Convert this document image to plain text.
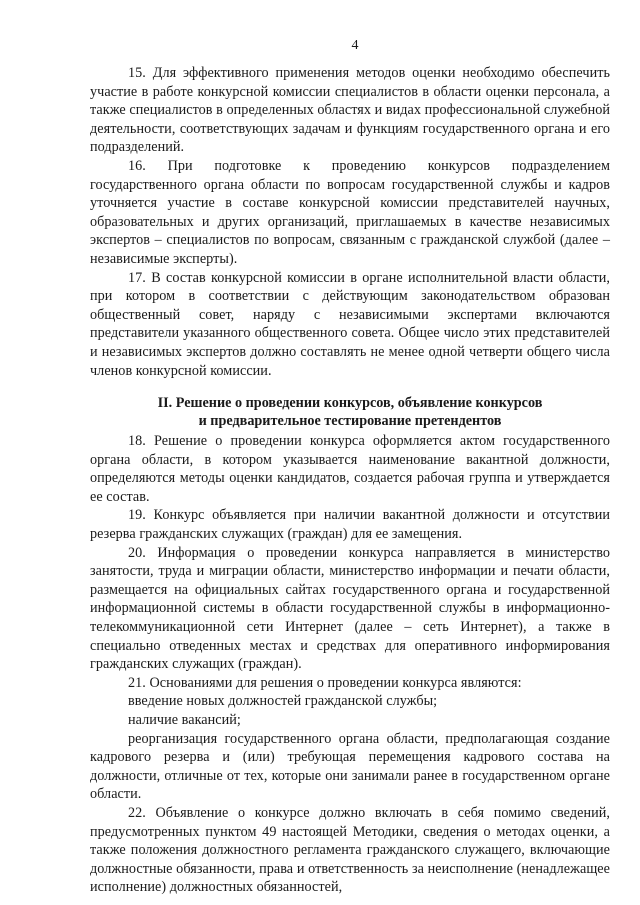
4

15. Для эффективного применения методов оценки необходимо обеспечить участие в работе конкурсной комиссии специалистов в области оценки персонала, а также специалистов в определенных областях и видах профессиональной служебной деятельности, соответствующих задачам и функциям государственного органа и его подразделений.

16. При подготовке к проведению конкурсов подразделением государственного органа области по вопросам государственной службы и кадров уточняется участие в составе конкурсной комиссии представителей научных, образовательных и других организаций, приглашаемых в качестве независимых экспертов – специалистов по вопросам, связанным с гражданской службой (далее – независимые эксперты).

17. В состав конкурсной комиссии в органе исполнительной власти области, при котором в соответствии с действующим законодательством образован общественный совет, наряду с независимыми экспертами включаются представители указанного общественного совета. Общее число этих представителей и независимых экспертов должно составлять не менее одной четверти общего числа членов конкурсной комиссии.

II. Решение о проведении конкурсов, объявление конкурсов
и предварительное тестирование претендентов

18. Решение о проведении конкурса оформляется актом государственного органа области, в котором указывается наименование вакантной должности, определяются методы оценки кандидатов, создается рабочая группа и утверждается ее состав.

19. Конкурс объявляется при наличии вакантной должности и отсутствии резерва гражданских служащих (граждан) для ее замещения.

20. Информация о проведении конкурса направляется в министерство занятости, труда и миграции области, министерство информации и печати области, размещается на официальных сайтах государственного органа и государственной информационной системы в области государственной службы в информационно-телекоммуникационной сети Интернет (далее – сеть Интернет), а также в специально отведенных местах и средствах для оперативного информирования гражданских служащих (граждан).

21. Основаниями для решения о проведении конкурса являются:

введение новых должностей гражданской службы;

наличие вакансий;

реорганизация государственного органа области, предполагающая создание кадрового резерва и (или) требующая перемещения кадрового состава на должности, отличные от тех, которые они занимали ранее в государственном органе области.

22. Объявление о конкурсе должно включать в себя помимо сведений, предусмотренных пунктом 49 настоящей Методики, сведения о методах оценки, а также положения должностного регламента гражданского служащего, включающие должностные обязанности, права и ответственность за неисполнение (ненадлежащее исполнение) должностных обязанностей,
